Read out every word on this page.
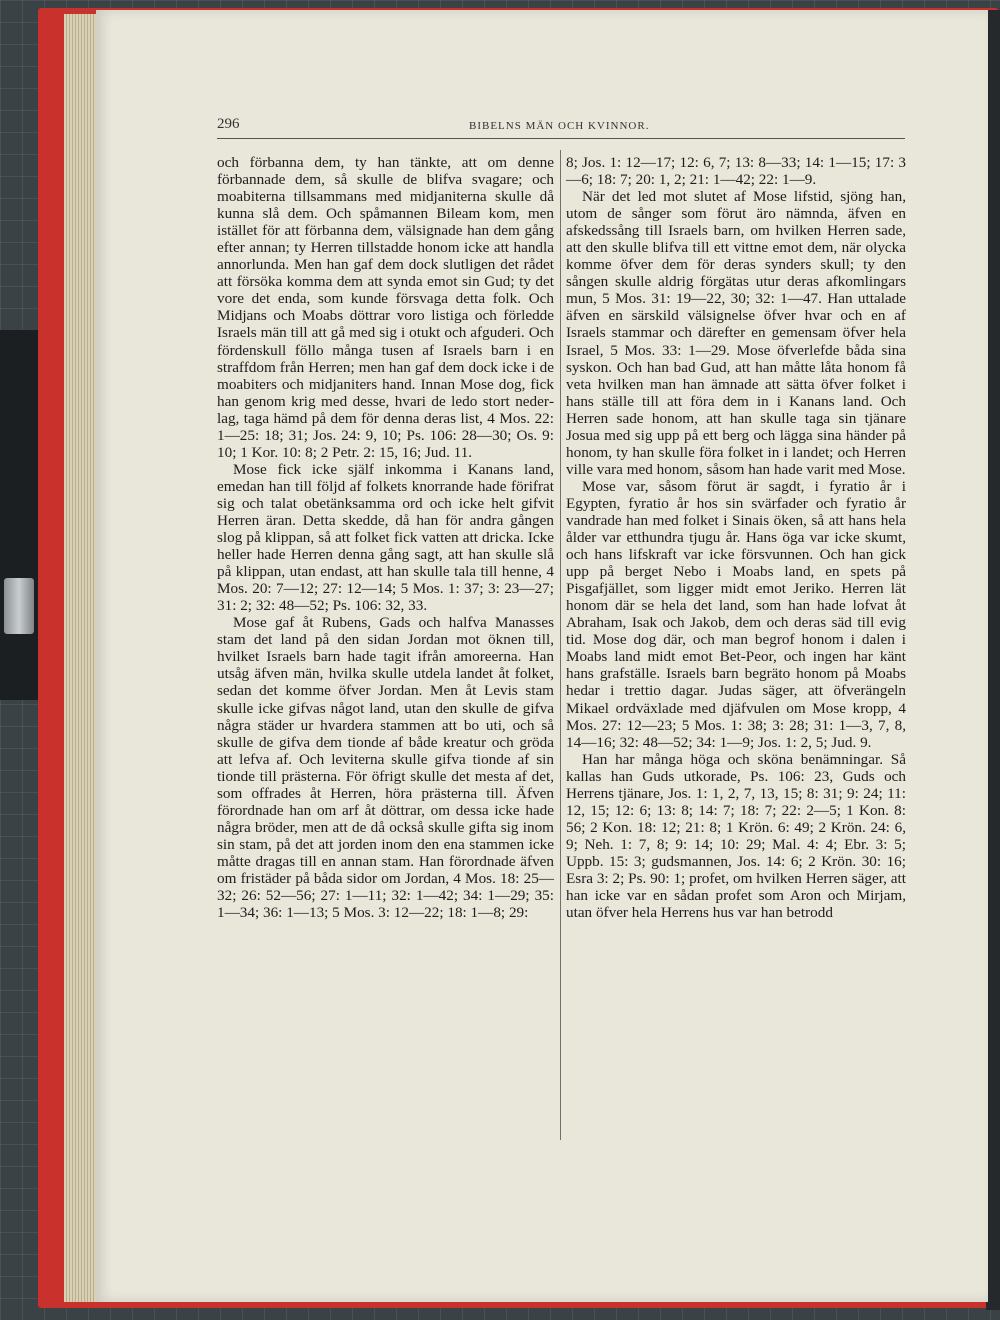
296	BIBELNS MÄN OCH KVINNOR.

och förbanna dem, ty han tänkte, att om denne förbannade dem, så skulle de blifva svagare; och moabiterna tillsammans med midjaniterna skulle då kunna slå dem. Och spåmannen Bileam kom, men istället för att förbanna dem, välsignade han dem gång efter annan; ty Herren tillstadde honom icke att handla annorlunda. Men han gaf dem dock slutligen det rådet att försöka komma dem att synda emot sin Gud; ty det vore det enda, som kunde försvaga detta folk. Och Midjans och Moabs döttrar voro listiga och förledde Israels män till att gå med sig i otukt och afguderi. Och fördenskull föllo många tusen af Israels barn i en straffdom från Herren; men han gaf dem dock icke i de moabiters och midjaniters hand. Innan Mose dog, fick han genom krig med desse, hvari de ledo stort nederlag, taga hämd på dem för denna deras list, 4 Mos. 22: 1—25: 18; 31; Jos. 24: 9, 10; Ps. 106: 28—30; Os. 9: 10; 1 Kor. 10: 8; 2 Petr. 2: 15, 16; Jud. 11.

Mose fick icke själf inkomma i Kanans land, emedan han till följd af folkets knorrande hade förifrat sig och talat obetänksamma ord och icke helt gifvit Herren äran. Detta skedde, då han för andra gången slog på klippan, så att folket fick vatten att dricka. Icke heller hade Herren denna gång sagt, att han skulle slå på klippan, utan endast, att han skulle tala till henne, 4 Mos. 20: 7—12; 27: 12—14; 5 Mos. 1: 37; 3: 23—27; 31: 2; 32: 48—52; Ps. 106: 32, 33.

Mose gaf åt Rubens, Gads och halfva Manasses stam det land på den sidan Jordan mot öknen till, hvilket Israels barn hade tagit ifrån amoreerna. Han utsåg äfven män, hvilka skulle utdela landet åt folket, sedan det komme öfver Jordan. Men åt Levis stam skulle icke gifvas något land, utan den skulle de gifva några städer ur hvardera stammen att bo uti, och så skulle de gifva dem tionde af både kreatur och gröda att lefva af. Och leviterna skulle gifva tionde af sin tionde till prästerna. För öfrigt skulle det mesta af det, som offrades åt Herren, höra prästerna till. Äfven förordnade han om arf åt döttrar, om dessa icke hade några bröder, men att de då också skulle gifta sig inom sin stam, på det att jorden inom den ena stammen icke måtte dragas till en annan stam. Han förordnade äfven om fristäder på båda sidor om Jordan, 4 Mos. 18: 25—32; 26: 52—56; 27: 1—11; 32: 1—42; 34: 1—29; 35: 1—34; 36: 1—13; 5 Mos. 3: 12—22; 18: 1—8; 29:

8; Jos. 1: 12—17; 12: 6, 7; 13: 8—33; 14: 1—15; 17: 3—6; 18: 7; 20: 1, 2; 21: 1—42; 22: 1—9.

När det led mot slutet af Mose lifstid, sjöng han, utom de sånger som förut äro nämnda, äfven en afskedssång till Israels barn, om hvilken Herren sade, att den skulle blifva till ett vittne emot dem, när olycka komme öfver dem för deras synders skull; ty den sången skulle aldrig förgätas utur deras afkomlingars mun, 5 Mos. 31: 19—22, 30; 32: 1—47. Han uttalade äfven en särskild välsignelse öfver hvar och en af Israels stammar och därefter en gemensam öfver hela Israel, 5 Mos. 33: 1—29. Mose öfverlefde båda sina syskon. Och han bad Gud, att han måtte låta honom få veta hvilken man han ämnade att sätta öfver folket i hans ställe till att föra dem in i Kanans land. Och Herren sade honom, att han skulle taga sin tjänare Josua med sig upp på ett berg och lägga sina händer på honom, ty han skulle föra folket in i landet; och Herren ville vara med honom, såsom han hade varit med Mose.

Mose var, såsom förut är sagdt, i fyratio år i Egypten, fyratio år hos sin svärfader och fyratio år vandrade han med folket i Sinais öken, så att hans hela ålder var etthundra tjugu år. Hans öga var icke skumt, och hans lifskraft var icke försvunnen. Och han gick upp på berget Nebo i Moabs land, en spets på Pisgafjället, som ligger midt emot Jeriko. Herren lät honom där se hela det land, som han hade lofvat åt Abraham, Isak och Jakob, dem och deras säd till evig tid. Mose dog där, och man begrof honom i dalen i Moabs land midt emot Bet-Peor, och ingen har känt hans grafställe. Israels barn begräto honom på Moabs hedar i trettio dagar. Judas säger, att öfverängeln Mikael ordväxlade med djäfvulen om Mose kropp, 4 Mos. 27: 12—23; 5 Mos. 1: 38; 3: 28; 31: 1—3, 7, 8, 14—16; 32: 48—52; 34: 1—9; Jos. 1: 2, 5; Jud. 9.

Han har många höga och sköna benämningar. Så kallas han Guds utkorade, Ps. 106: 23, Guds och Herrens tjänare, Jos. 1: 1, 2, 7, 13, 15; 8: 31; 9: 24; 11: 12, 15; 12: 6; 13: 8; 14: 7; 18: 7; 22: 2—5; 1 Kon. 8: 56; 2 Kon. 18: 12; 21: 8; 1 Krön. 6: 49; 2 Krön. 24: 6, 9; Neh. 1: 7, 8; 9: 14; 10: 29; Mal. 4: 4; Ebr. 3: 5; Uppb. 15: 3; gudsmannen, Jos. 14: 6; 2 Krön. 30: 16; Esra 3: 2; Ps. 90: 1; profet, om hvilken Herren säger, att han icke var en sådan profet som Aron och Mirjam, utan öfver hela Herrens hus var han betrodd
